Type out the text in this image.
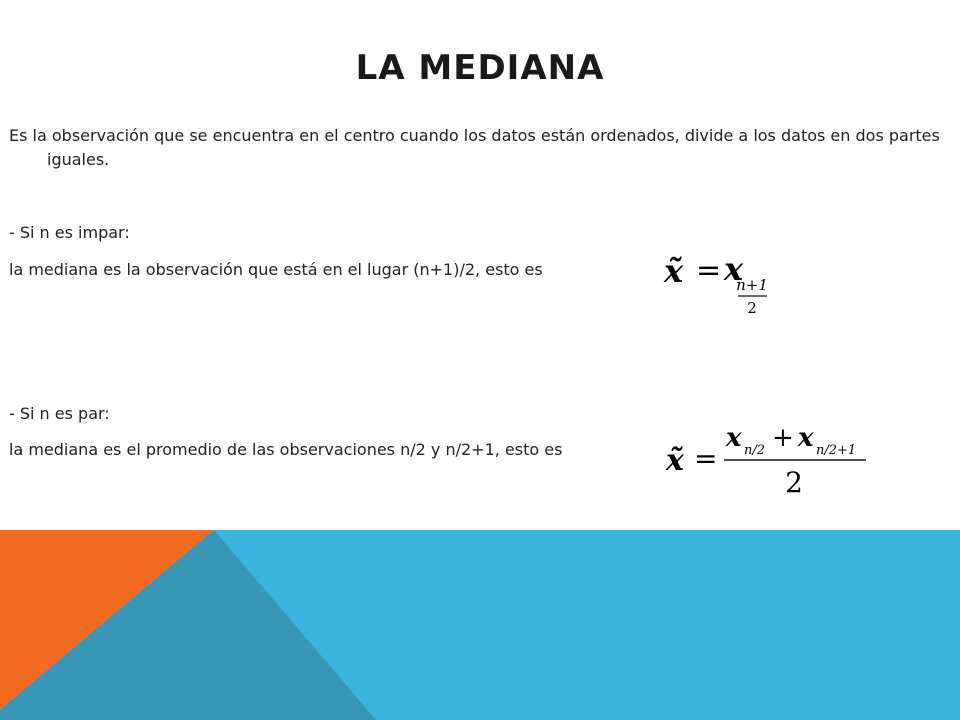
LA MEDIANA

Es la observación que se encuentra en el centro cuando los datos están ordenados, divide a los datos en dos partes iguales.

- Si n es impar:

la mediana es la observación que está en el lugar (n+1)/2, esto es	x̃ = x
n+1
2

- Si n es par:

la mediana es el promedio de las observaciones n/2 y n/2+1, esto es	x̃ =
x n/2 + x n/2+1
2
